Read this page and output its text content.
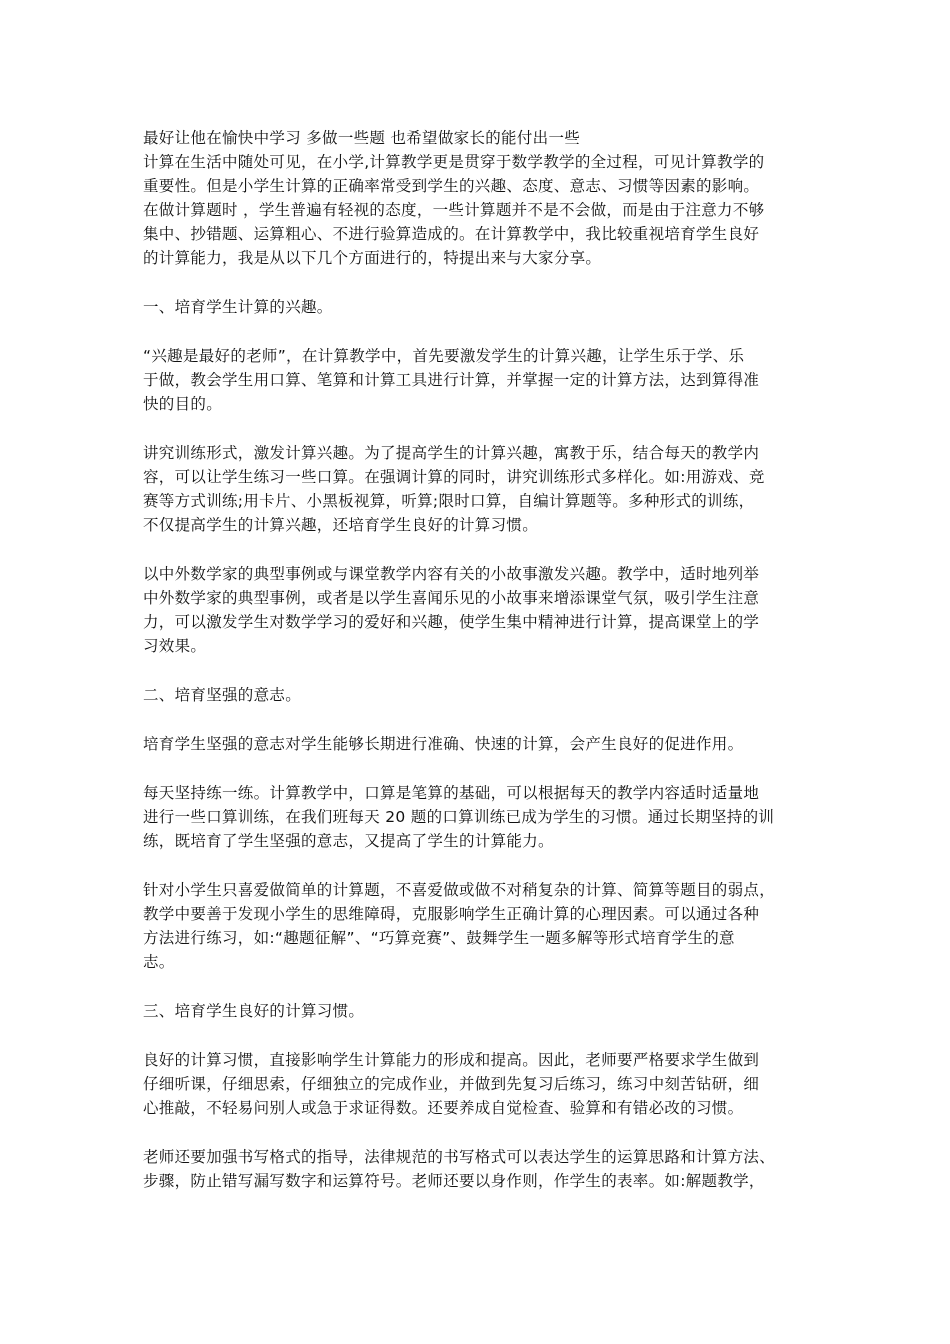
最好让他在愉快中学习 多做一些题 也希望做家长的能付出一些
计算在生活中随处可见，在小学,计算教学更是贯穿于数学教学的全过程，可见计算教学的
重要性。但是小学生计算的正确率常受到学生的兴趣、态度、意志、习惯等因素的影响。
在做计算题时 ，学生普遍有轻视的态度，一些计算题并不是不会做，而是由于注意力不够
集中、抄错题、运算粗心、不进行验算造成的。在计算教学中，我比较重视培育学生良好
的计算能力，我是从以下几个方面进行的，特提出来与大家分享。
一、培育学生计算的兴趣。
“兴趣是最好的老师”，在计算教学中，首先要激发学生的计算兴趣，让学生乐于学、乐
于做，教会学生用口算、笔算和计算工具进行计算，并掌握一定的计算方法，达到算得准
快的目的。
讲究训练形式，激发计算兴趣。为了提高学生的计算兴趣，寓教于乐，结合每天的教学内
容，可以让学生练习一些口算。在强调计算的同时，讲究训练形式多样化。如:用游戏、竞
赛等方式训练;用卡片、小黑板视算，听算;限时口算，自编计算题等。多种形式的训练，
不仅提高学生的计算兴趣，还培育学生良好的计算习惯。
以中外数学家的典型事例或与课堂教学内容有关的小故事激发兴趣。教学中，适时地列举
中外数学家的典型事例，或者是以学生喜闻乐见的小故事来增添课堂气氛，吸引学生注意
力，可以激发学生对数学学习的爱好和兴趣，使学生集中精神进行计算，提高课堂上的学
习效果。
二、培育坚强的意志。
培育学生坚强的意志对学生能够长期进行准确、快速的计算，会产生良好的促进作用。
每天坚持练一练。计算教学中，口算是笔算的基础，可以根据每天的教学内容适时适量地
进行一些口算训练，在我们班每天 20 题的口算训练已成为学生的习惯。通过长期坚持的训
练，既培育了学生坚强的意志，又提高了学生的计算能力。
针对小学生只喜爱做简单的计算题，不喜爱做或做不对稍复杂的计算、简算等题目的弱点，
教学中要善于发现小学生的思维障碍，克服影响学生正确计算的心理因素。可以通过各种
方法进行练习，如:“趣题征解”、“巧算竞赛”、鼓舞学生一题多解等形式培育学生的意
志。
三、培育学生良好的计算习惯。
良好的计算习惯，直接影响学生计算能力的形成和提高。因此，老师要严格要求学生做到
仔细听课，仔细思索，仔细独立的完成作业，并做到先复习后练习，练习中刻苦钻研，细
心推敲，不轻易问别人或急于求证得数。还要养成自觉检查、验算和有错必改的习惯。
老师还要加强书写格式的指导，法律规范的书写格式可以表达学生的运算思路和计算方法、
步骤，防止错写漏写数字和运算符号。老师还要以身作则，作学生的表率。如:解题教学，
